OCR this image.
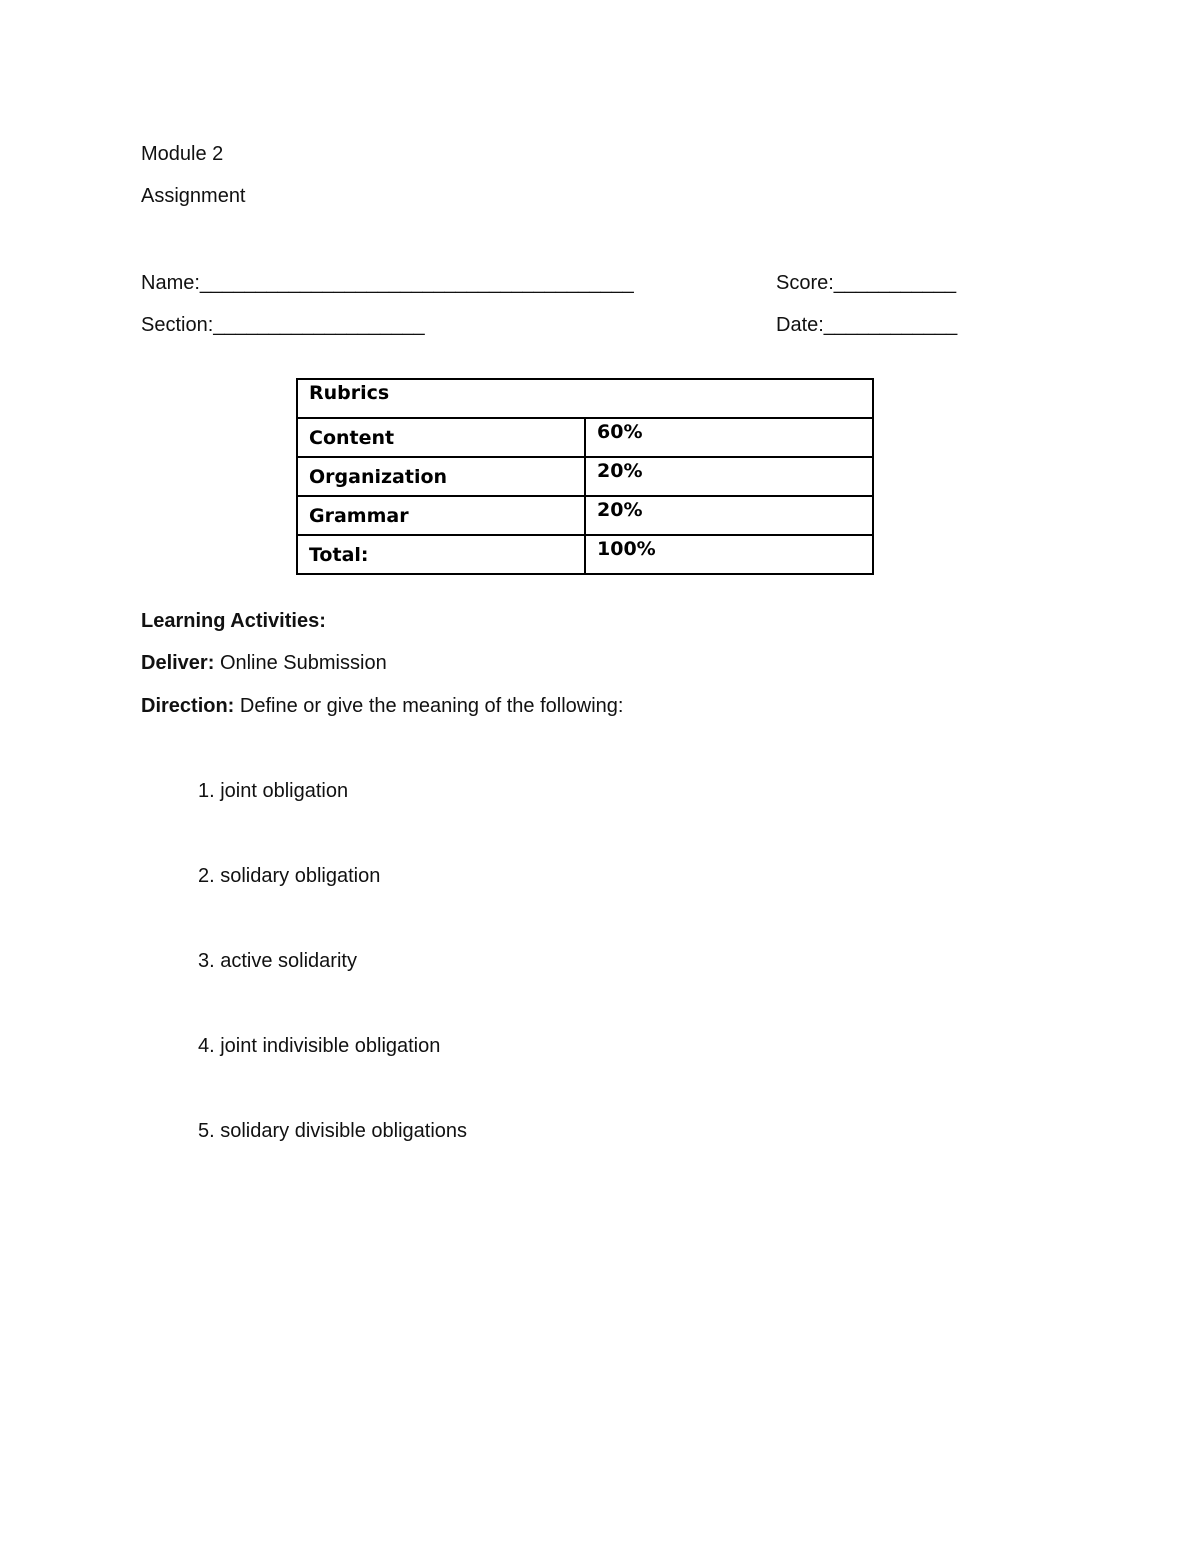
Module 2
Assignment
Name:_______________________________________	Score:___________
Section:___________________	Date:____________
Rubrics	
Content	60%
Organization	20%
Grammar	20%
Total:	100%
Learning Activities:
Deliver: Online Submission
Direction: Define or give the meaning of the following:
1. joint obligation
2. solidary obligation
3. active solidarity
4. joint indivisible obligation
5. solidary divisible obligations
